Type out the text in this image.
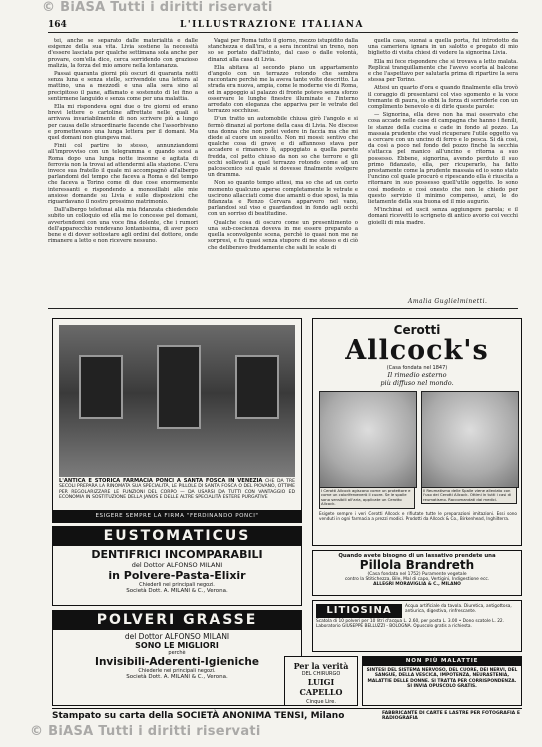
© BiASA Tutti i diritti riservati
164	L'ILLUSTRAZIONE ITALIANA

tei, anche se separato dalle materialità e dalle esigenze della sua vita. Livia sostiene la necessità d'essere lasciata per qualche settimana sola anche per provare, com'ella dice, cerca sorridendo con grazioso malizia, la forza del mio amore nella lontananza.

Passai quaranta giorni più oscuri di quaranta notti senza luna e senza stelle, scrivendole una lettera al mattino, una a mezzodì e una alla sera sino al precipitoso il pane, affamato e sostenuto di lei fino a sentirmene languido e senza come per una malattia.

Ella mi rispondeva ogni due o tre giorni ed erano brevi lettere o cartoline affrettate nelle quali si arrivava invariabilmente di non scrivere più a lungo per causa delle straordinarie facende che l'assorbivano e promettevano una lunga lettera per il domani. Ma quel domani non giungeva mai.

Finii col partire io stesso, annunziandomi all'improvviso con un telegramma e quando scesi a Roma dopo una lunga notte insonne e agitata di ferrovia non la trovai ad attendermi alla stazione. C'era invece sua fratello il quale mi accompagnò all'albergo parlandomi del tempo che faceva a Roma e del tempo che faceva a Torino come di due cose enormemente interessanti e rispondendo a monosillabi alle mie ansiose domande su Livia e sulle disposizioni che riguardavano il nostro prossimo matrimonio.

Dall'albergo telefonai alla mia fidanzata chiedendole subito un colloquio ed ella me lo concesse pel domani, avvertendomi con una voce fina dolente, che i rumori dell'apparecchio rendevano lontanissima, di aver poco bene e di dover sottostare agli ordini del dottore, onde rimanere a letto e non ricevere nessuno.

Vagai per Roma tutto il giorno, mezzo istupidito dalla stanchezza e dall'ira, e a sera incontrai un treno, non so se portato dall'istinto, dal caso o dalle volontà, dinanzi alla casa di Livia.

Ella abitava al secondo piano un appartamento d'angolo con un terrazzo rotondo che sembra raccontare perchè me la aveva tante volte descritto. La strada era nuova, ampia, come le moderne vie di Roma, ed in appoggio al palazzo di fronte potevo senza sforzo osservare le lunghe finestre illuminate e l'interno arredato con eleganza che appariva per le vetrate del terrazzo socchiuse.

D'un tratto un automobile chiusa girò l'angolo e si fermò dinanzi al portone della casa di Livia. Ne discese una donna che non potei vedere in faccia ma che mi diede al cuore un sussulto. Non mi mossi: sentivo che qualche cosa di grave e di affannoso stava per accadere e rimanevo lì, appoggiato a quella parete fredda, col petto chiuso da non so che terrore e gli occhi sollevati a quel terrazzo rotondo come ad un palcoscenico sul quale si dovesse finalmente svolgere un dramma.

Non so quanto tempo attesi, ma so che ad un certo momento qualcuno aperse completamente le vetrate e uscirono allacciati come due amanti o due sposi, la mia fidanzata e Renzo Cervara apparvero nel vano, parlandosi sul viso e guardandosi in fondo agli occhi con un sorriso di beatitudine.

Qualche cosa di oscuro come un presentimento o una sub-coscienza doveva in me essere preparato a quella sconvolgente scena, perchè io quasi non me ne sorpresi, e fu quasi senza stupore di me stesso e di ciò che deliberavo freddamente che salii le scale di

quella casa, suonai a quella porta, fui introdotto da una cameriera ignara in un salotto e pregato di mio biglietto di visita chiesi di vedere la signorina Livia.

Ella mi fece rispondere che si trovava a letto malata. Replicai tranquillamente che l'avevo scorta al balcone e che l'aspettavo per salutarla prima di ripartire la sera stessa per Torino.

Attesi un quarto d'ora e quando finalmente ella trovò il coraggio di presentarsi col viso sgomento e la voce tremante di paura, io ebbi la forza di sorriderle con un complimento benevolo e di dirle queste parole:

— Signorina, ella deve non ha mai osservato che cosa accade nelle case di campagna che hanno i fienili, le stanze della cucina e cade in fondo al pozzo. La massaia prudente che vuol ricuperare l'utile oggetto va a cercare con un uncino di ferro e lo pesca. Si dà così, da così a poco nel fondo del pozzo finchè la secchia s'attacca pel manico all'uncino e ritorna a suo possesso. Ebbene, signorina, avendo perduto il suo primo fidanzato, ella, per ricuperarlo, ha fatto prestamente come la prudente massaia ed io sono stato l'uncino col quale procurò e ripescando ella è riuscita a ritornare in suo possesso quell'utile oggetto. Io sono così modesto e così onesto che non le chiedo per questo servizio il minimo compenso, anzi, le do lietamente della sua buona ed il mio augurio.

M'inchinai ed uscii senza aggiungere parola; e il domani ricevetti lo scrigneto di antico avorio coi vecchi gioielli di mia madre.

Amalia Guglielminetti.
L'ANTICA E STORICA FARMACIA PONCI A SANTA FOSCA IN VENEZIA CHE DA TRE SECOLI PREPARA LA RINOMATA SUA SPECIALITÀ, LE PILLOLE DI SANTA FOSCA O DEL PIOVANO, OTTIME PER REGOLARIZZARE LE FUNZIONI DEL CORPO — DA USARSI DA TUTTI CON VANTAGGIO ED ECONOMIA IN SOSTITUZIONE DELLA JANOS E DELLE ALTRE SPECIALITÀ ESTERE PURGATIVE
ESIGERE SEMPRE LA FIRMA "FERDINANDO PONCI"
EUSTOMATICUS
DENTIFRICI INCOMPARABILI
del Dottor ALFONSO MILANI
in Polvere-Pasta-Elixir
Chiederli nei principali negozi.
Società Dott. A. MILANI & C., Verona.
POLVERI GRASSE
del Dottor ALFONSO MILANI
SONO LE MIGLIORI
perchè
Invisibili-Aderenti-Igieniche
Chiederle nei principali negozi.
Società Dott. A. MILANI & C., Verona.
Cerotti
Allcock's
(Casa fondata nel 1847)
Il rimedio esterno
più diffuso nel mondo.
I Cerotti Allcock agiscono come un protettore e come un caloriferoeverò il cuore. Se le spalle sono sensibili all'aria, applicate un Cerotto Allcock.
Il Reumatismo delle Spalle viene alleviato con l'uso dei Cerotti Allcock. Ottimi in tutti i casi di reumatismo. Raccomandati dai medici.
Esigete sempre i veri Cerotti Allcock e rifiutate tutte le preparazioni imitazioni. Essi sono venduti in ogni farmacia a prezzi modici. Prodotti da Allcock & Co., Birkenhead, Inghilterra.
Quando avete bisogno di un lassativo prendete una
Pillola Brandreth
(Casa fondata nel 1752) Puramente vegetale
contro la Stitichezza, Bile, Mal di capo, Vertigini, Indigestione ecc.
ALLEGRI MORAVIGLIA & C., MILANO
LITIOSINA	Acqua artificiale da tavola. Diuretica, antigottosa, antiurica, digestiva, rinfrescante.
Scatola di 10 polveri per 10 litri d'acqua L. 2.60, per posta L. 3.00 • Dono scatole L. 22. Laboratorio GIUSEPPE BELLUZZI - BOLOGNA. Opuscolo gratis a richiesta.
Per la verità
DEL CHIRURGO
LUIGI CAPELLO
Cinque Lire.
NON PIÙ MALATTIE
SINTESI DEL SISTEMA NERVOSO, DEL CUORE, DEI NERVI, DEL SANGUE, DELLA VESCICA, IMPOTENZA, NEURASTENIA, MALATTIE DELLE DONNE. SI TRATTA PER CORRISPONDENZA. SI INVIA OPUSCOLO GRATIS.
Stampato su carta della SOCIETÀ ANONIMA TENSI, Milano	FABBRICANTE DI CARTE E LASTRE PER FOTOGRAFIA E RADIOGRAFIA
© BiASA Tutti i diritti riservati
